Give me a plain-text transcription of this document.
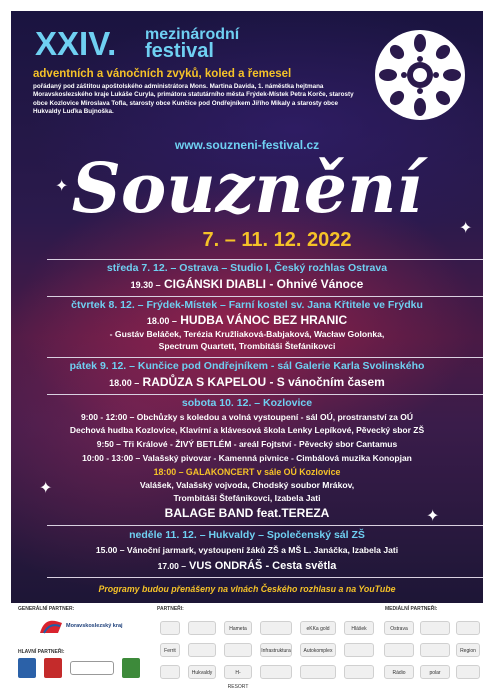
XXIV. mezinárodní
festival
adventních a vánočních zvyků, koled a řemesel
pořádaný pod záštitou apoštolského administrátora Mons. Martina Davida, 1. náměstka hejtmana Moravskoslezského kraje Lukáše Curyla, primátora statutárního města Frýdek-Místek Petra Korče, starosty obce Kozlovice Miroslava Tofla, starosty obce Kunčice pod Ondřejníkem Jiřího Mikaly a starosty obce Hukvaldy Luďka Bujnoška.
www.souzneni-festival.cz
Souznění
7. – 11. 12. 2022
✦
✦
✦
✦
středa 7. 12. – Ostrava – Studio I, Český rozhlas Ostrava
19.30 – CIGÁNSKI DIABLI - Ohnivé Vánoce
čtvrtek 8. 12. – Frýdek-Místek – Farní kostel sv. Jana Křtitele ve Frýdku
18.00 – HUDBA VÁNOC BEZ HRANIC
- Gustáv Beláček, Terézia Kružliaková-Babjaková, Wacław Golonka,
Spectrum Quartett, Trombitáši Štefánikovci
pátek 9. 12. – Kunčice pod Ondřejníkem - sál Galerie Karla Svolinského
18.00 – RADŮZA S KAPELOU - S vánočním časem
sobota 10. 12. – Kozlovice
9:00 - 12:00 – Obchůzky s koledou a volná vystoupení - sál OÚ, prostranství za OÚ
Dechová hudba Kozlovice, Klavírní a klávesová škola Lenky Lepíkové, Pěvecký sbor ZŠ
9:50 – Tři Králové - ŽIVÝ BETLÉM - areál Fojtství - Pěvecký sbor Cantamus
10:00 - 13:00 – Valašský pivovar - Kamenná pivnice - Cimbálová muzika Konopjan
18:00 – GALAKONCERT v sále OÚ Kozlovice
Valášek, Valašský vojvoda, Chodský soubor Mrákov,
Trombitáši Štefánikovci, Izabela Jati
BALAGE BAND feat.TEREZA
neděle 11. 12. – Hukvaldy – Společenský sál ZŠ
15.00 – Vánoční jarmark, vystoupení žáků ZŠ a MŠ L. Janáčka, Izabela Jati
17.00 – VUS ONDRÁŠ - Cesta světla
Programy budou přenášeny na vlnách Českého rozhlasu a na YouTube
GENERÁLNÍ PARTNER:
Moravskoslezský kraj
HLAVNÍ PARTNEŘI:
PARTNEŘI:
Hameta	eKKa gold	Hlášek
Ferrit	Infrastruktura	Autokomplex
Hukvaldy	H-RESORT
MEDIÁLNÍ PARTNEŘI:
Ostrava
Region
Rádio	polar
